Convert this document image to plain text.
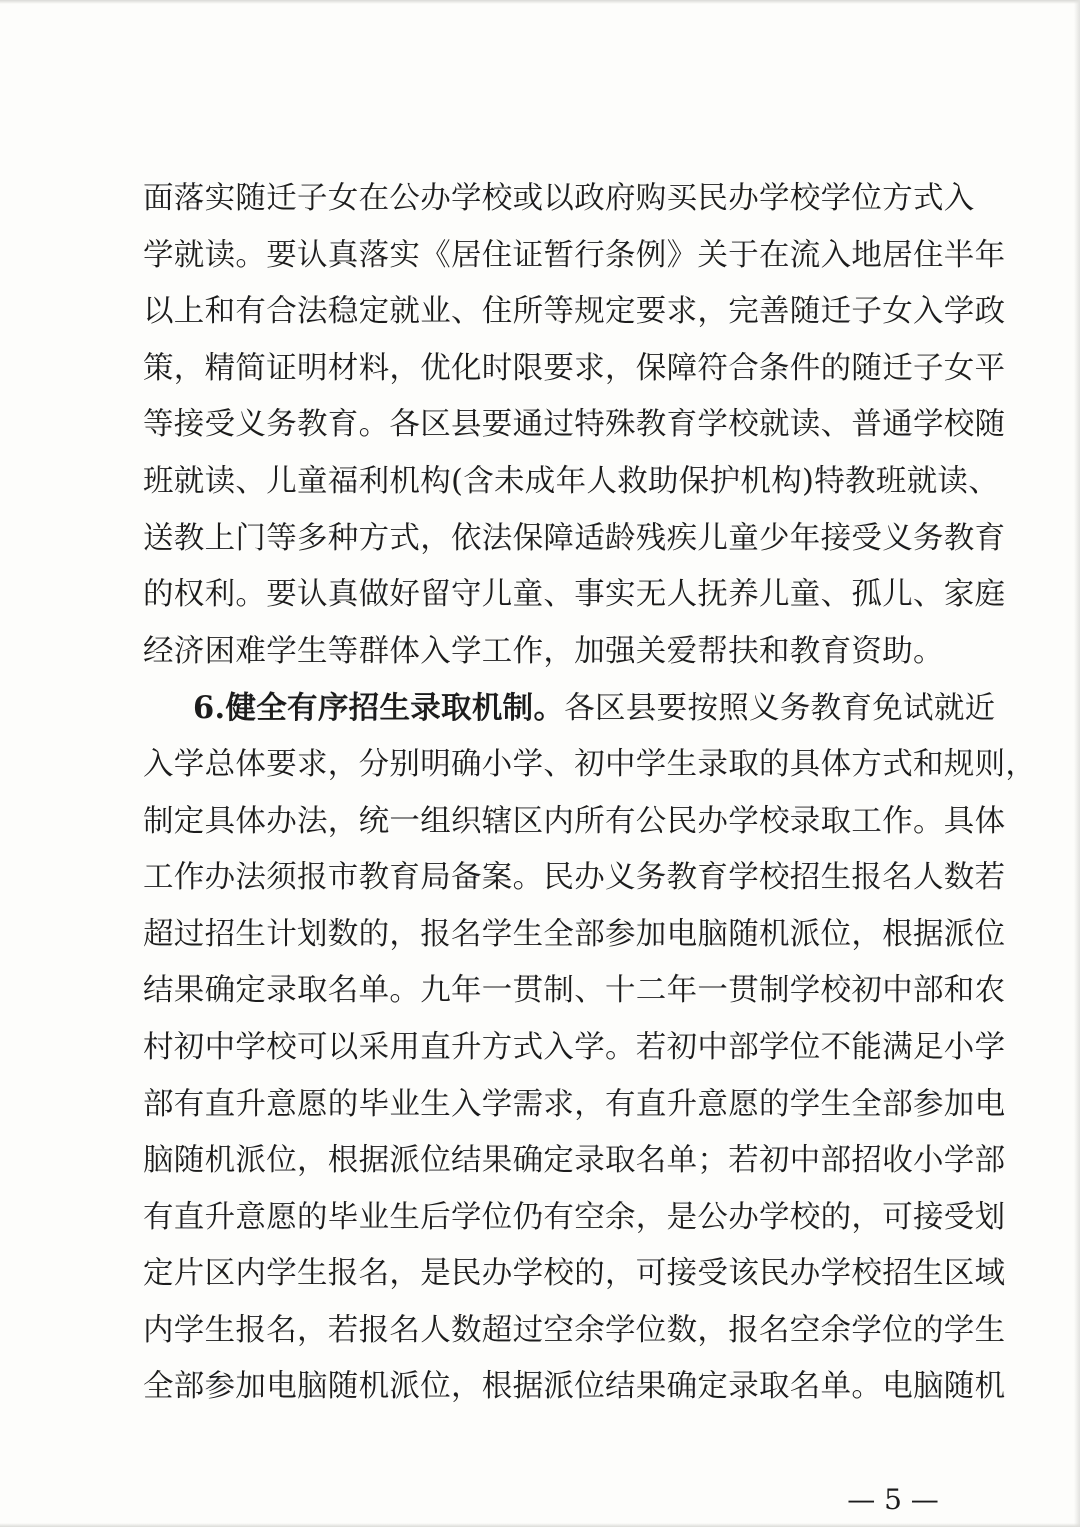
面落实随迁子女在公办学校或以政府购买民办学校学位方式入
学就读。要认真落实《居住证暂行条例》关于在流入地居住半年
以上和有合法稳定就业、住所等规定要求，完善随迁子女入学政
策，精简证明材料，优化时限要求，保障符合条件的随迁子女平
等接受义务教育。各区县要通过特殊教育学校就读、普通学校随
班就读、儿童福利机构(含未成年人救助保护机构)特教班就读、
送教上门等多种方式，依法保障适龄残疾儿童少年接受义务教育
的权利。要认真做好留守儿童、事实无人抚养儿童、孤儿、家庭
经济困难学生等群体入学工作，加强关爱帮扶和教育资助。
6.健全有序招生录取机制。各区县要按照义务教育免试就近
入学总体要求，分别明确小学、初中学生录取的具体方式和规则，
制定具体办法，统一组织辖区内所有公民办学校录取工作。具体
工作办法须报市教育局备案。民办义务教育学校招生报名人数若
超过招生计划数的，报名学生全部参加电脑随机派位，根据派位
结果确定录取名单。九年一贯制、十二年一贯制学校初中部和农
村初中学校可以采用直升方式入学。若初中部学位不能满足小学
部有直升意愿的毕业生入学需求，有直升意愿的学生全部参加电
脑随机派位，根据派位结果确定录取名单；若初中部招收小学部
有直升意愿的毕业生后学位仍有空余，是公办学校的，可接受划
定片区内学生报名，是民办学校的，可接受该民办学校招生区域
内学生报名，若报名人数超过空余学位数，报名空余学位的学生
全部参加电脑随机派位，根据派位结果确定录取名单。电脑随机
— 5 —
